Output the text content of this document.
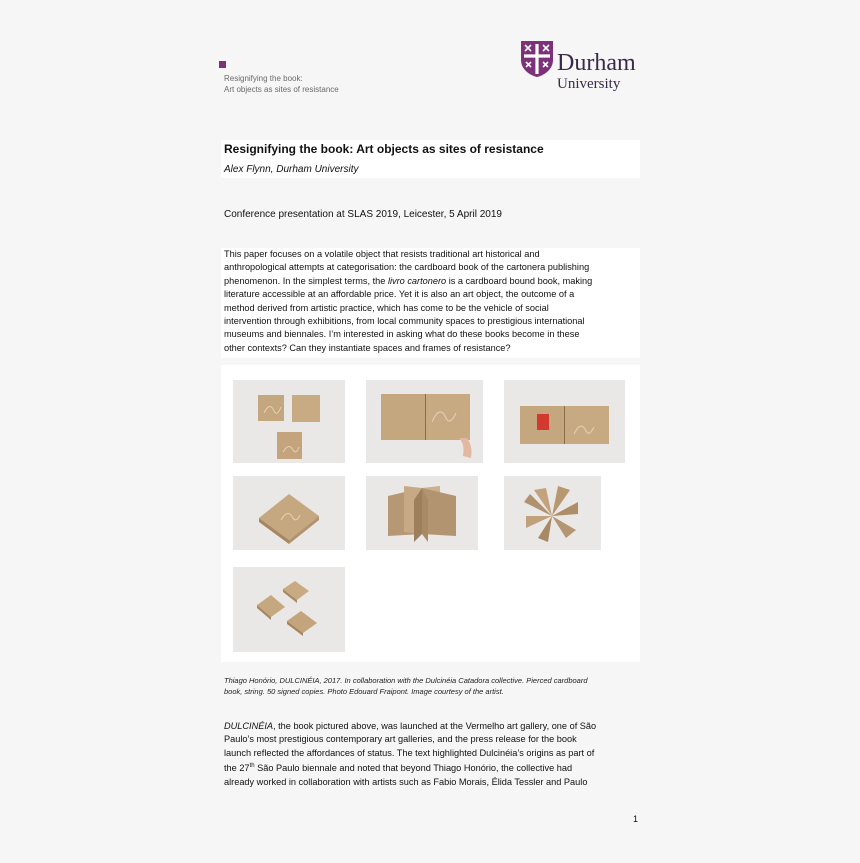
Resignifying the book:
Art objects as sites of resistance
Durham
University
Resignifying the book: Art objects as sites of resistance
Alex Flynn, Durham University
Conference presentation at SLAS 2019, Leicester, 5 April 2019
This paper focuses on a volatile object that resists traditional art historical and
anthropological attempts at categorisation: the cardboard book of the cartonera publishing
phenomenon. In the simplest terms, the livro cartonero is a cardboard bound book, making
literature accessible at an affordable price. Yet it is also an art object, the outcome of a
method derived from artistic practice, which has come to be the vehicle of social
intervention through exhibitions, from local community spaces to prestigious international
museums and biennales. I’m interested in asking what do these books become in these
other contexts? Can they instantiate spaces and frames of resistance?
Thiago Honório, DULCINÉIA, 2017. In collaboration with the Dulcinéia Catadora collective. Pierced cardboard
book, string. 50 signed copies. Photo Edouard Fraipont. Image courtesy of the artist.
DULCINÉIA, the book pictured above, was launched at the Vermelho art gallery, one of São
Paulo’s most prestigious contemporary art galleries, and the press release for the book
launch reflected the affordances of status. The text highlighted Dulcinéia’s origins as part of
the 27th São Paulo biennale and noted that beyond Thiago Honório, the collective had
already worked in collaboration with artists such as Fabio Morais, Élida Tessler and Paulo
1
